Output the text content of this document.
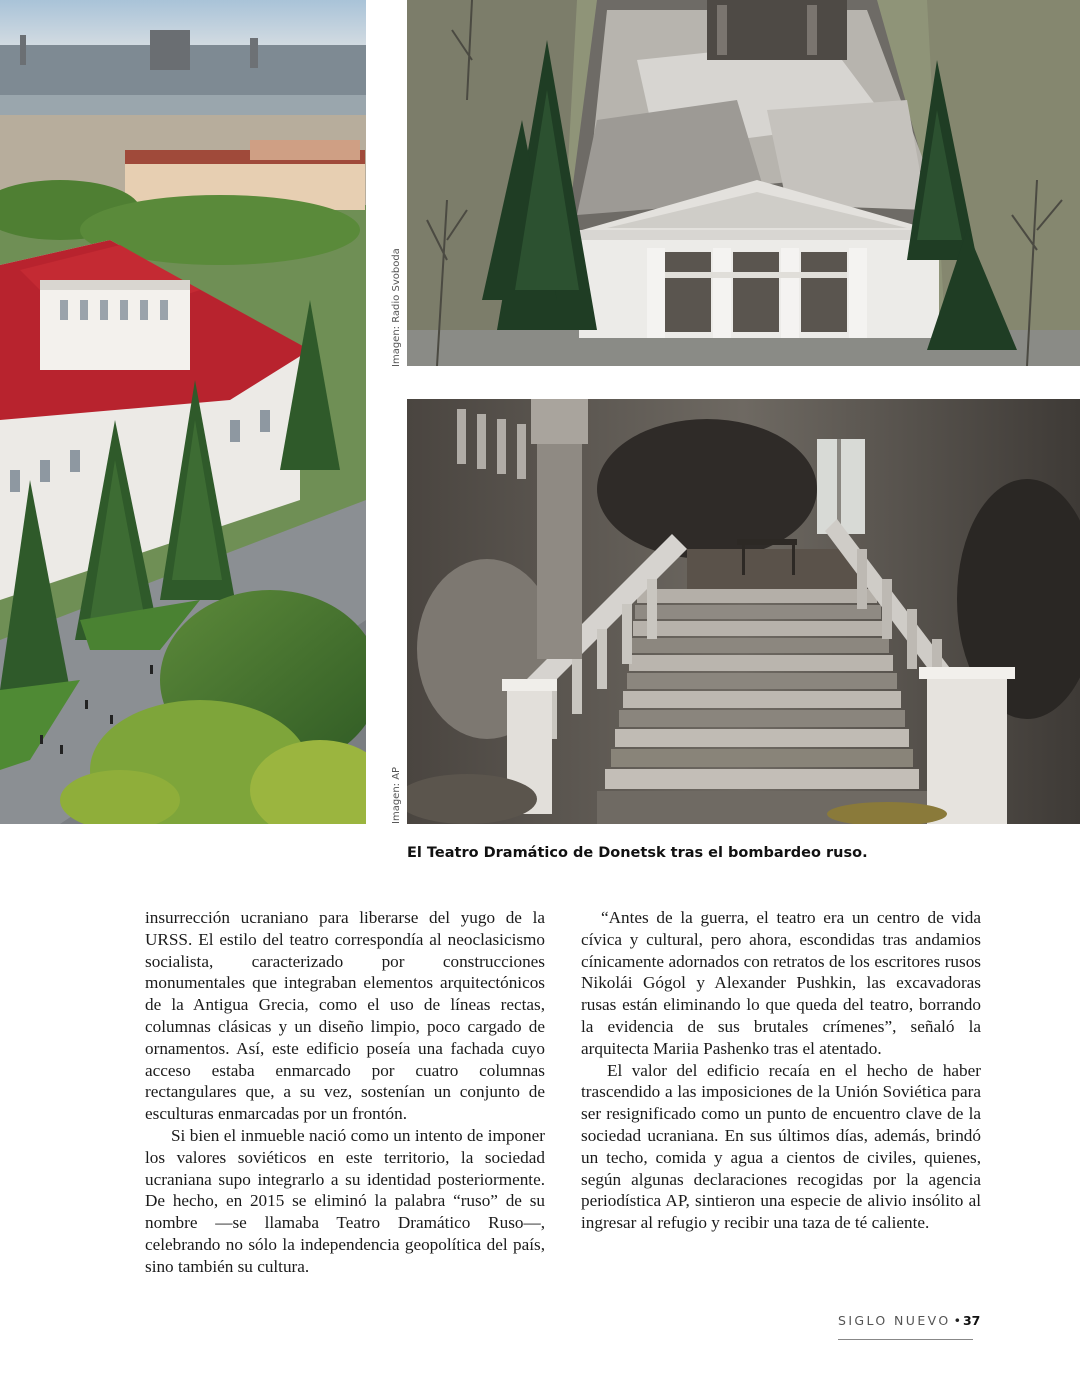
Imagen: Radio Svoboda
Imagen: AP
El Teatro Dramático de Donetsk tras el bombardeo ruso.

insurrección ucraniano para liberarse del yugo de la URSS. El estilo del teatro correspondía al neoclasicismo socialista, caracterizado por construcciones monumentales que integraban elementos arquitectónicos de la Antigua Grecia, como el uso de líneas rectas, columnas clásicas y un diseño limpio, poco cargado de ornamentos. Así, este edificio poseía una fachada cuyo acceso estaba enmarcado por cuatro columnas rectangulares que, a su vez, sostenían un conjunto de esculturas enmarcadas por un frontón.

Si bien el inmueble nació como un intento de imponer los valores soviéticos en este territorio, la sociedad ucraniana supo integrarlo a su identidad posteriormente. De hecho, en 2015 se eliminó la palabra “ruso” de su nombre —se llamaba Teatro Dramático Ruso—, celebrando no sólo la independencia geopolítica del país, sino también su cultura.

“Antes de la guerra, el teatro era un centro de vida cívica y cultural, pero ahora, escondidas tras andamios cínicamente adornados con retratos de los escritores rusos Nikolái Gógol y Alexander Pushkin, las excavadoras rusas están eliminando lo que queda del teatro, borrando la evidencia de sus brutales crímenes”, señaló la arquitecta Mariia Pashenko tras el atentado.

El valor del edificio recaía en el hecho de haber trascendido a las imposiciones de la Unión Soviética para ser resignificado como un punto de encuentro clave de la sociedad ucraniana. En sus últimos días, además, brindó un techo, comida y agua a cientos de civiles, quienes, según algunas declaraciones recogidas por la agencia periodística AP, sintieron una especie de alivio insólito al ingresar al refugio y recibir una taza de té caliente.

SIGLO NUEVO • 37
